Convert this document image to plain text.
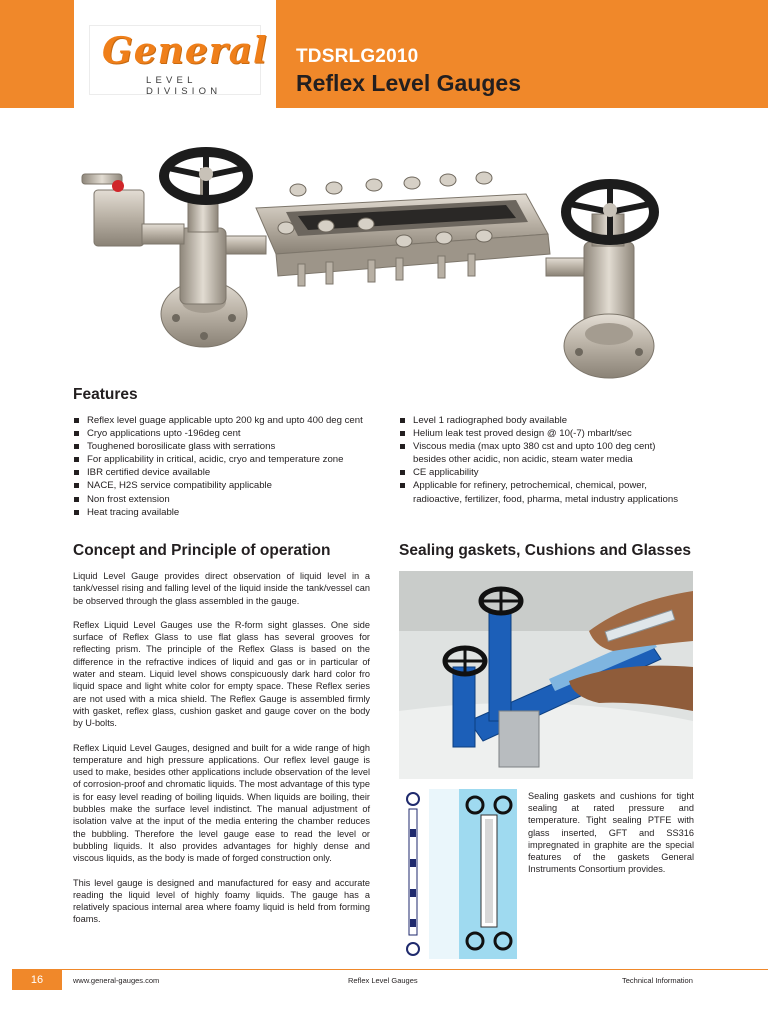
General
LEVEL DIVISION
TDSRLG2010
Reflex Level Gauges
Features
Reflex level guage applicable upto 200 kg and upto 400 deg cent
Cryo applications upto -196deg cent
Toughened borosilicate glass with serrations
For applicability in critical, acidic, cryo and temperature zone
IBR certified device available
NACE, H2S service compatibility applicable
Non frost extension
Heat tracing available
Level 1 radiographed body available
Helium leak test proved design @ 10(-7) mbarlt/sec
Viscous media (max upto 380 cst and upto 100 deg cent)
besides other acidic, non acidic, steam water media
CE applicability
Applicable for refinery, petrochemical, chemical, power,
radioactive, fertilizer, food, pharma, metal industry applications
Concept and Principle of operation

Liquid Level Gauge provides direct observation of liquid level in a tank/vessel rising and falling level of the liquid inside the tank/vessel can be observed through the glass assembled in the gauge.

Reflex Liquid Level Gauges use the R-form sight glasses. One side surface of Reflex Glass to use flat glass has several grooves for reflecting prism. The principle of the Reflex Glass is based on the difference in the refractive indices of liquid and gas or in particular of water and steam. Liquid level shows conspicuously dark hard color fro liquid space and light white color for empty space. These Reflex series are not used with a mica shield. The Reflex Gauge is assembled firmly with gasket, reflex glass, cushion gasket and gauge cover on the body by U-bolts.

Reflex Liquid Level Gauges, designed and built for a wide range of high temperature and high pressure applications. Our reflex level gauge is used to make, besides other applications include observation of the level of corrosion-proof and chromatic liquids. The most advantage of this type is for easy level reading of boiling liquids. When liquids are boiling, their bubbles make the surface level indistinct. The manual adjustment of isolation valve at the input of the media entering the chamber reduces the bubbling. Therefore the level gauge ease to read the level or bubbling liquids. It also provides advantages for highly dense and viscous liquids, as the body is made of forged construction only.

This level gauge is designed and manufactured for easy and accurate reading the liquid level of highly foamy liquids. The gauge has a relatively spacious internal area where foamy liquid is held from forming foams.

Sealing gaskets, Cushions and Glasses
Sealing gaskets and cushions for tight sealing at rated pressure and temperature. Tight sealing PTFE with glass inserted, GFT and SS316 impregnated in graphite are the special features of the gaskets General Instruments Consortium provides.
16	www.general-gauges.com	Reflex Level Gauges	Technical Information
